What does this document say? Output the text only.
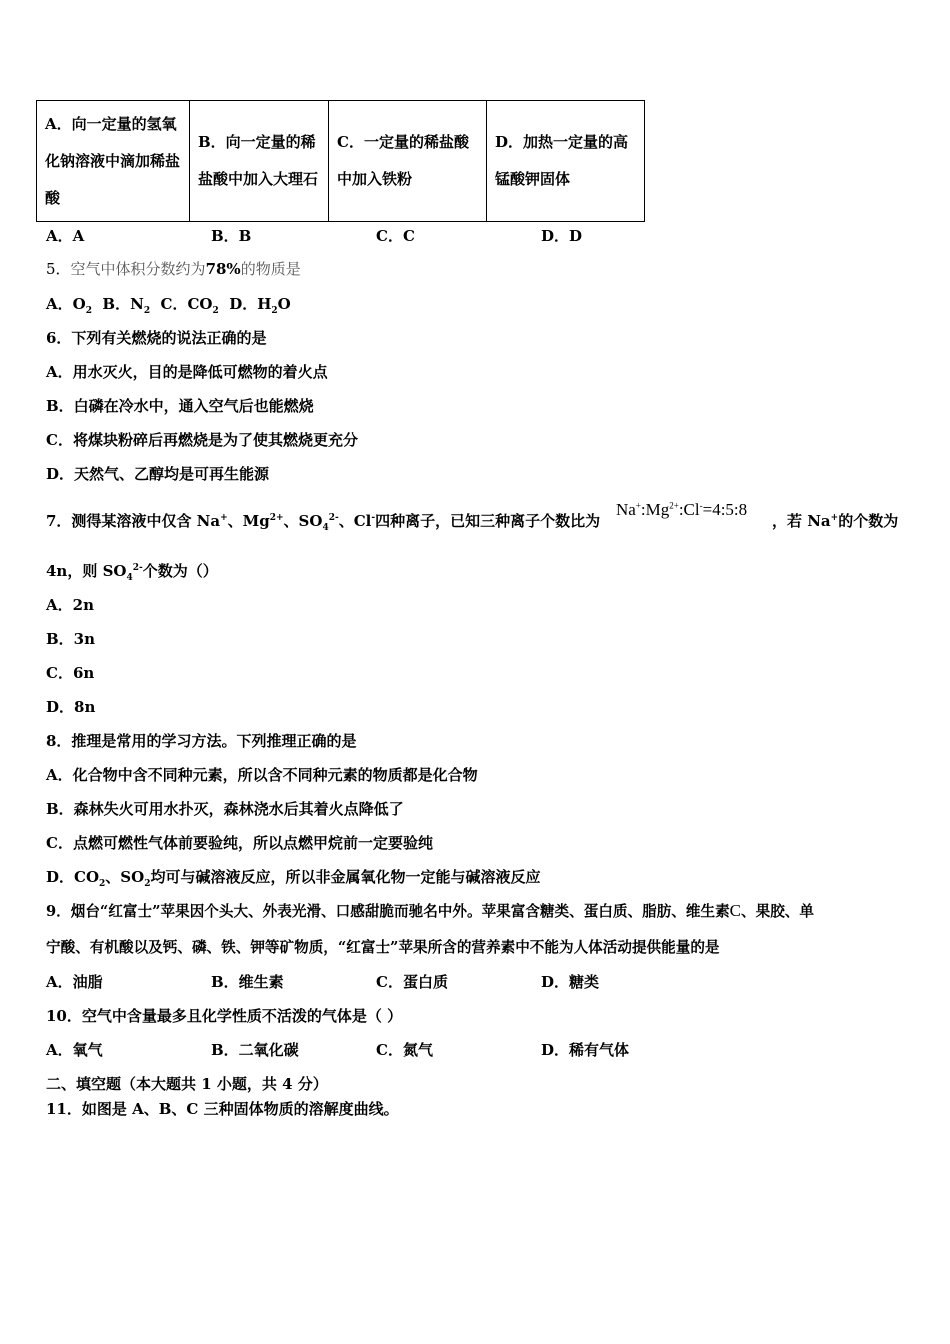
A．向一定量的氢氧化钠溶液中滴加稀盐酸	B．向一定量的稀盐酸中加入大理石	C．一定量的稀盐酸中加入铁粉	D．加热一定量的高锰酸钾固体
A．A	B．B	C．C	D．D
5．空气中体积分数约为78%的物质是
A．$O_2$  B．$N_2$  C．$CO_2$  D．$H_2O$
6．下列有关燃烧的说法正确的是
A．用水灭火，目的是降低可燃物的着火点
B．白磷在冷水中，通入空气后也能燃烧
C．将煤块粉碎后再燃烧是为了使其燃烧更充分
D．天然气、乙醇均是可再生能源
7．测得某溶液中仅含 Na+、$Mg^{2+}$、$SO_4^{2-}$、Cl-四种离子，已知三种离子个数比为
$Na^+:Mg^{2+}:Cl^-=4:5:8$
，若 Na+的个数为
4n，则 $SO_4^{2-}$个数为（）
A．2n
B．3n
C．6n
D．8n
8．推理是常用的学习方法。下列推理正确的是
A．化合物中含不同种元素，所以含不同种元素的物质都是化合物
B．森林失火可用水扑灭，森林浇水后其着火点降低了
C．点燃可燃性气体前要验纯，所以点燃甲烷前一定要验纯
D．$CO_2$、$SO_2$均可与碱溶液反应，所以非金属氧化物一定能与碱溶液反应
9．烟台“红富士”苹果因个头大、外表光滑、口感甜脆而驰名中外。苹果富含糖类、蛋白质、脂肪、维生素C、果胶、单
宁酸、有机酸以及钙、磷、铁、钾等矿物质，“红富士”苹果所含的营养素中不能为人体活动提供能量的是
A．油脂	B．维生素	C．蛋白质	D．糖类
10．空气中含量最多且化学性质不活泼的气体是（ ）
A．氧气	B．二氧化碳	C．氮气	D．稀有气体
二、填空题（本大题共 1 小题，共 4 分）
11．如图是 A、B、C 三种固体物质的溶解度曲线。
